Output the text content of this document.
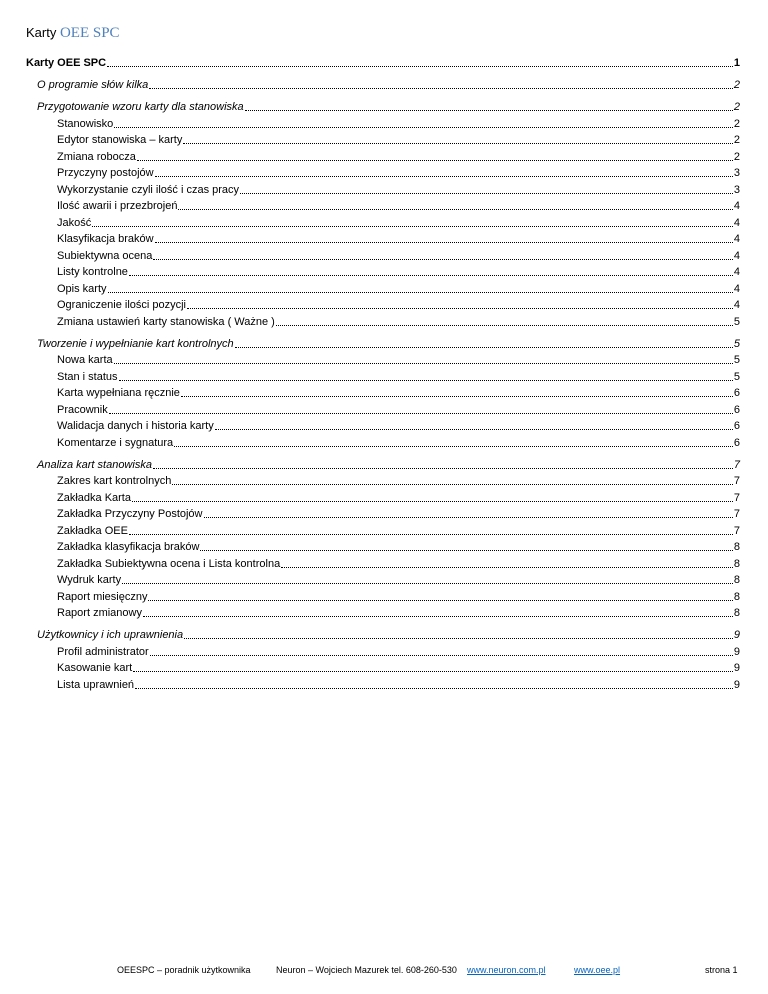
Karty OEE SPC
Karty OEE SPC	1
O programie słów kilka	2
Przygotowanie wzoru karty dla stanowiska	2
Stanowisko	2
Edytor stanowiska – karty	2
Zmiana robocza	2
Przyczyny postojów	3
Wykorzystanie czyli ilość i czas pracy	3
Ilość awarii i przezbrojeń	4
Jakość	4
Klasyfikacja braków	4
Subiektywna ocena	4
Listy kontrolne	4
Opis karty	4
Ograniczenie ilości pozycji	4
Zmiana ustawień karty stanowiska ( Ważne )	5
Tworzenie i wypełnianie kart kontrolnych	5
Nowa karta	5
Stan i status	5
Karta wypełniana ręcznie	6
Pracownik	6
Walidacja danych i historia karty	6
Komentarze i sygnatura	6
Analiza kart stanowiska	7
Zakres kart kontrolnych	7
Zakładka Karta	7
Zakładka Przyczyny Postojów	7
Zakładka OEE	7
Zakładka klasyfikacja braków	8
Zakładka Subiektywna ocena i Lista kontrolna	8
Wydruk karty	8
Raport miesięczny	8
Raport zmianowy	8
Użytkownicy i ich uprawnienia	9
Profil administrator	9
Kasowanie kart	9
Lista uprawnień	9
OEESPC – poradnik użytkownika	Neuron – Wojciech Mazurek tel. 608-260-530 www.neuron.com.pl	www.oee.pl	strona 1
